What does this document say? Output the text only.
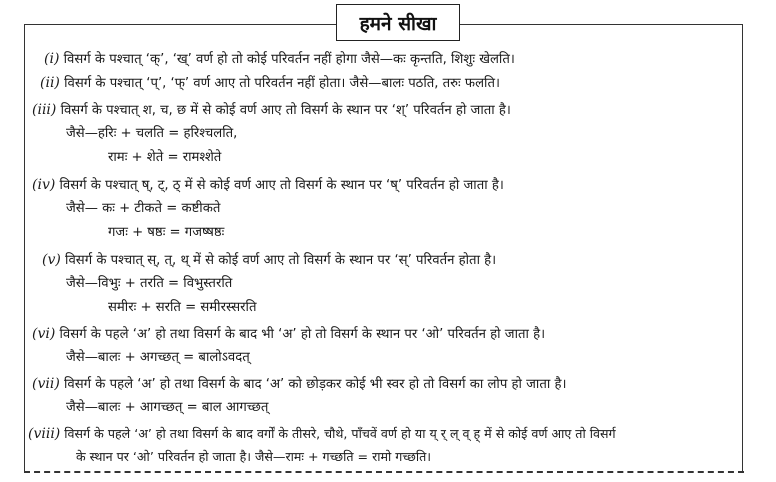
हमने सीखा
(i) विसर्ग के पश्चात् ‘क्’, ‘ख्’ वर्ण हो तो कोई परिवर्तन नहीं होगा जैसे—कः कृन्तति, शिशुः खेलति।
(ii) विसर्ग के पश्चात् ‘प्’, ‘फ्’ वर्ण आए तो परिवर्तन नहीं होता। जैसे—बालः पठति, तरुः फलति।
(iii) विसर्ग के पश्चात् श, च, छ में से कोई वर्ण आए तो विसर्ग के स्थान पर ‘श्’ परिवर्तन हो जाता है।
जैसे—हरिः + चलति = हरिश्चलति,
रामः + शेते = रामश्शेते
(iv) विसर्ग के पश्चात् ष्, ट्, ठ् में से कोई वर्ण आए तो विसर्ग के स्थान पर ‘ष्’ परिवर्तन हो जाता है।
जैसे— कः + टीकते = कष्टीकते
गजः + षष्ठः = गजष्षष्ठः
(v) विसर्ग के पश्चात् स्, त्, थ् में से कोई वर्ण आए तो विसर्ग के स्थान पर ‘स्’ परिवर्तन होता है।
जैसे—विभुः + तरति = विभुस्तरति
समीरः + सरति = समीरस्सरति
(vi) विसर्ग के पहले ‘अ’ हो तथा विसर्ग के बाद भी ‘अ’ हो तो विसर्ग के स्थान पर ‘ओ’ परिवर्तन हो जाता है।
जैसे—बालः + अगच्छत् = बालोऽवदत्
(vii) विसर्ग के पहले ‘अ’ हो तथा विसर्ग के बाद ‘अ’ को छोड़कर कोई भी स्वर हो तो विसर्ग का लोप हो जाता है।
जैसे—बालः + आगच्छत् = बाल आगच्छत्
(viii) विसर्ग के पहले ‘अ’ हो तथा विसर्ग के बाद वर्गों के तीसरे, चौथे, पाँचवें वर्ण हो या य् र् ल् व् ह् में से कोई वर्ण आए तो विसर्ग
के स्थान पर ‘ओ’ परिवर्तन हो जाता है। जैसे—रामः + गच्छति = रामो गच्छति।
